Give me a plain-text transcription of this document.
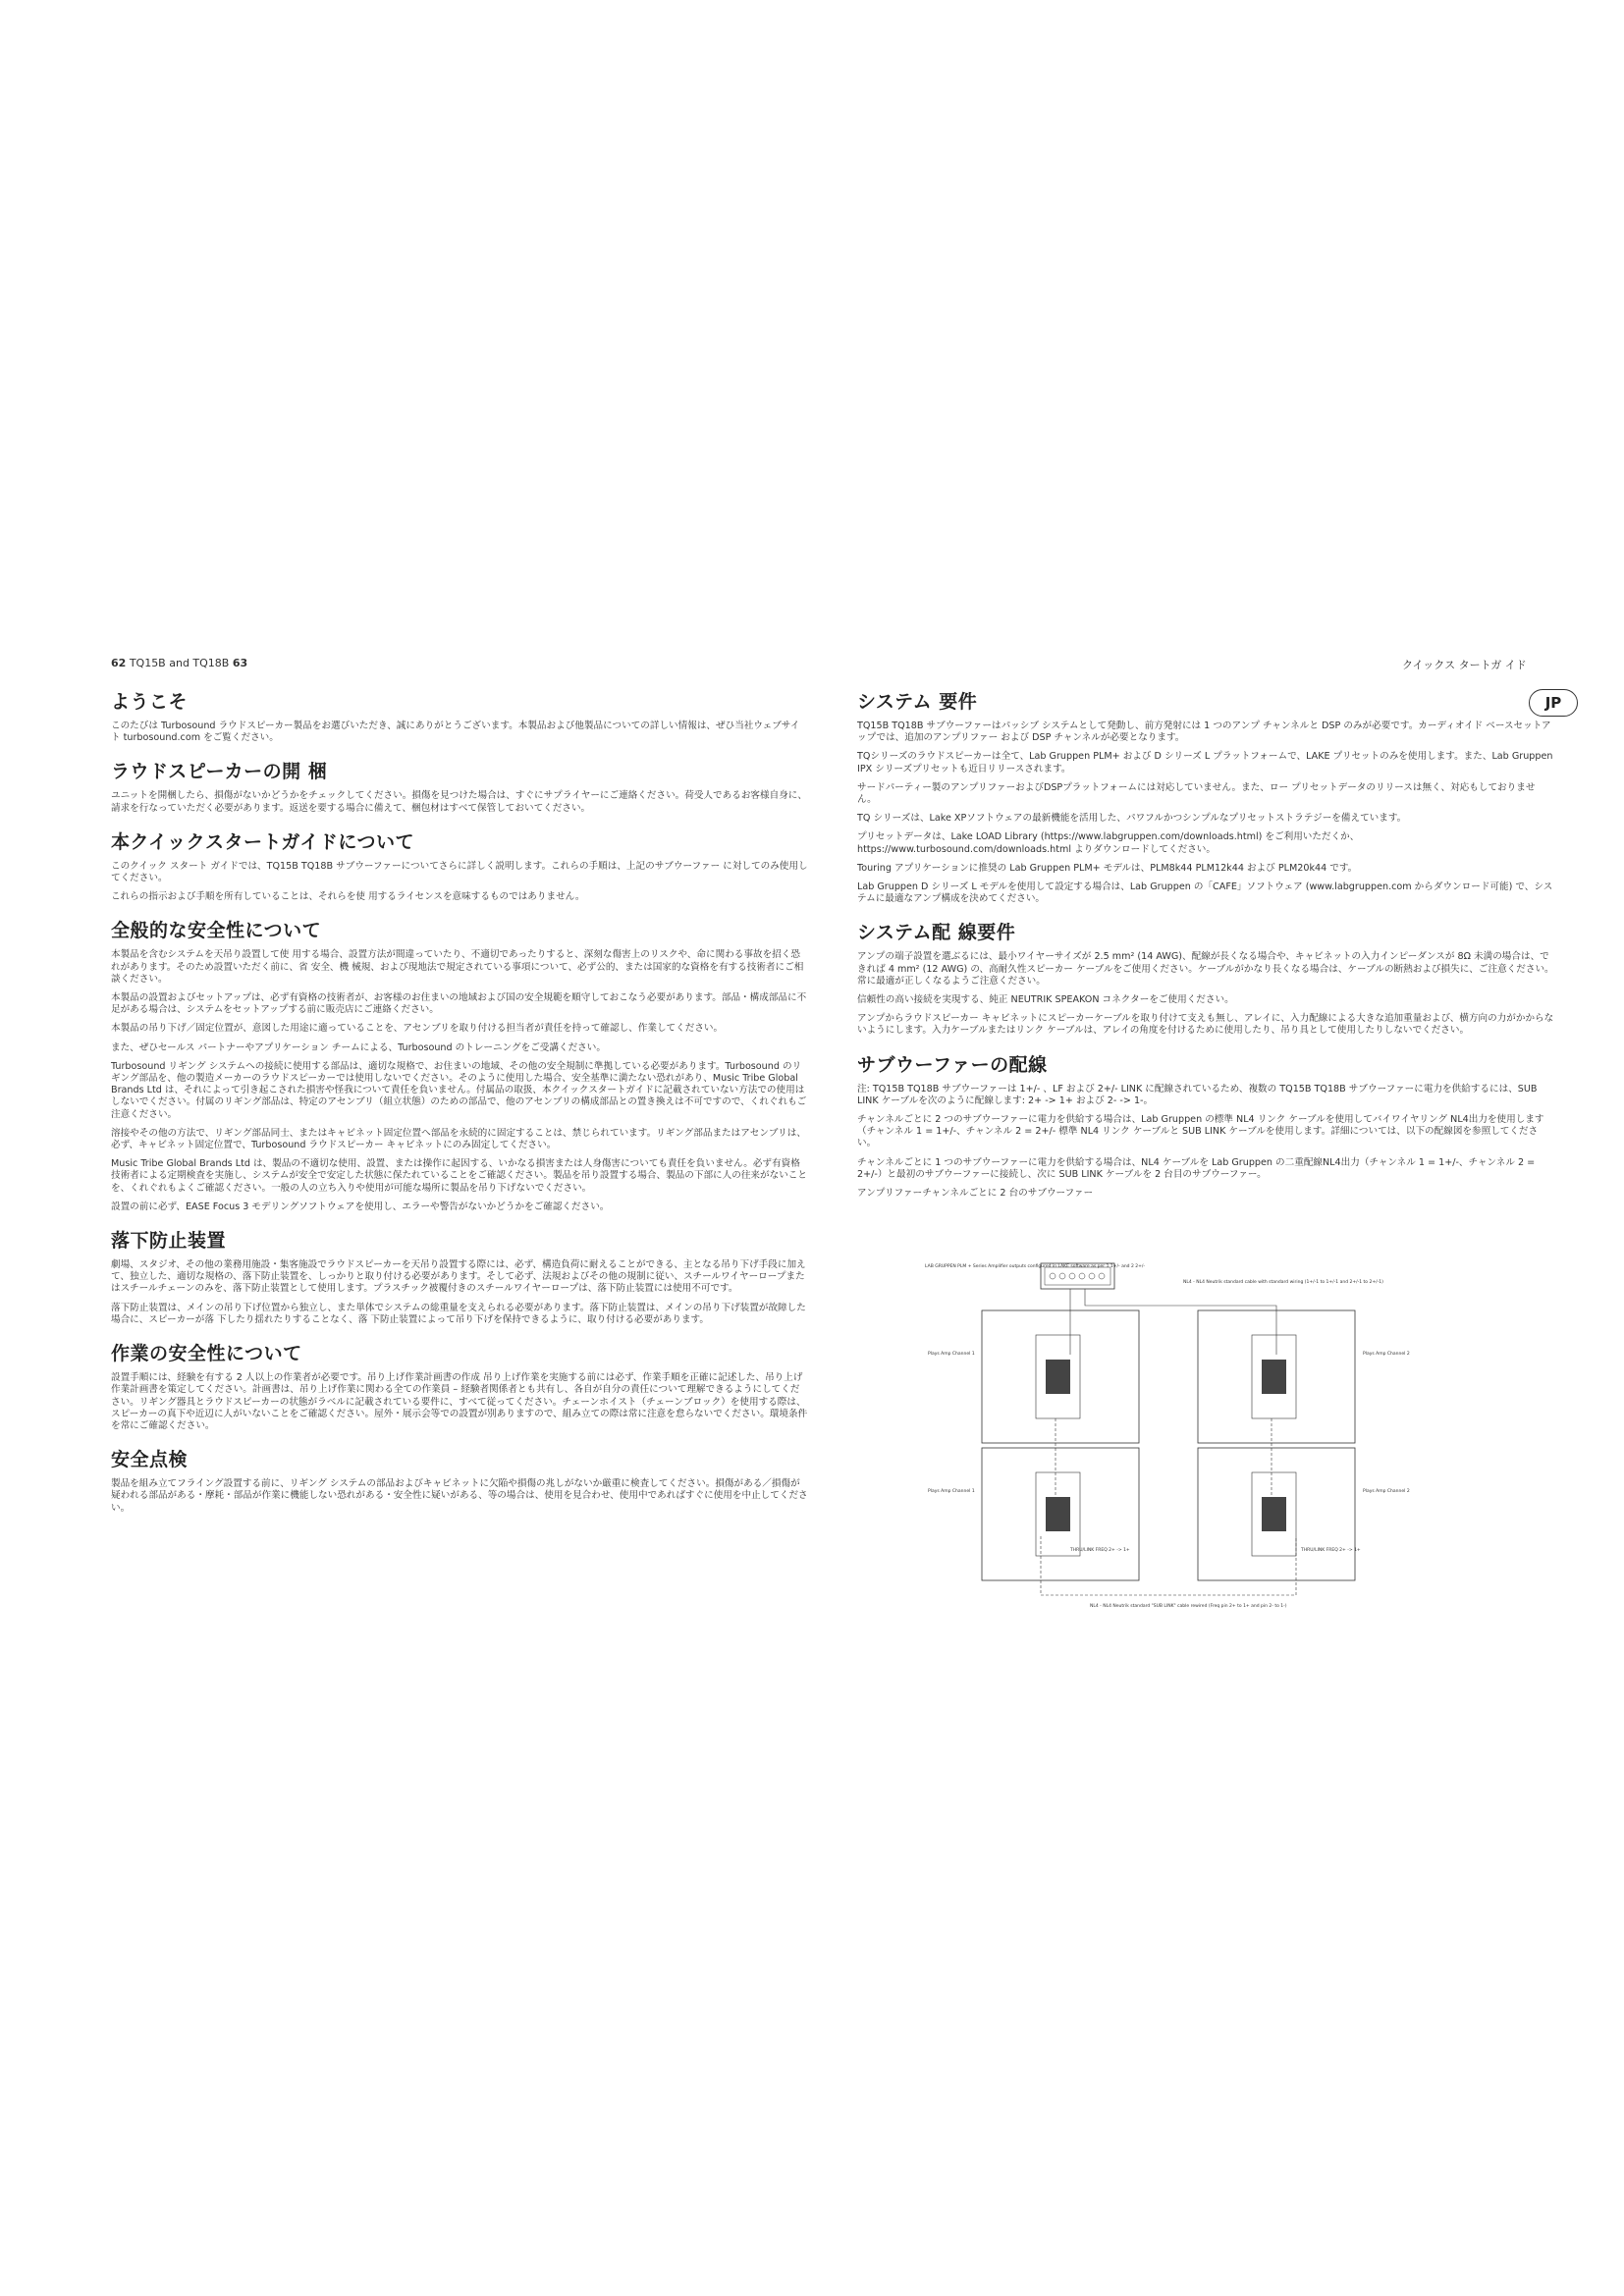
62 TQ15B and TQ18B 63	クイックス タートガ イド
JP
ようこそ

このたびは Turbosound ラウドスピーカー製品をお選びいただき、誠にありがとうございます。本製品および他製品についての詳しい情報は、ぜひ当社ウェブサイト turbosound.com をご覧ください。

ラウドスピーカーの開 梱

ユニットを開梱したら、損傷がないかどうかをチェックしてください。損傷を見つけた場合は、すぐにサプライヤーにご連絡ください。荷受人であるお客様自身に、請求を行なっていただく必要があります。返送を要する場合に備えて、梱包材はすべて保管しておいてください。

本クイックスタートガイドについて

このクイック スタート ガイドでは、TQ15B TQ18B サブウーファーについてさらに詳しく説明します。これらの手順は、上記のサブウーファー に対してのみ使用してください。

これらの指示および手順を所有していることは、それらを使 用するライセンスを意味するものではありません。

全般的な安全性について

本製品を含むシステムを天吊り設置して使 用する場合、設置方法が間違っていたり、不適切であったりすると、深刻な傷害上のリスクや、命に関わる事故を招く恐れがあります。そのため設置いただく前に、省 安全、機 械規、および現地法で規定されている事項について、必ず公的、または国家的な資格を有する技術者にご相談ください。

本製品の設置およびセットアップは、必ず有資格の技術者が、お客様のお住まいの地域および国の安全規範を順守しておこなう必要があります。部品・構成部品に不足がある場合は、システムをセットアップする前に販売店にご連絡ください。

本製品の吊り下げ／固定位置が、意図した用途に適っていることを、アセンブリを取り付ける担当者が責任を持って確認し、作業してください。

また、ぜひセールス パートナーやアプリケーション チームによる、Turbosound のトレーニングをご受講ください。

Turbosound リギング システムへの接続に使用する部品は、適切な規格で、お住まいの地域、その他の安全規制に準拠している必要があります。Turbosound のリギング部品を、他の製造メーカーのラウドスピーカーでは使用しないでください。そのように使用した場合、安全基準に満たない恐れがあり、Music Tribe Global Brands Ltd は、それによって引き起こされた損害や怪我について責任を負いません。付属品の取扱、本クイックスタートガイドに記載されていない方法での使用はしないでください。付属のリギング部品は、特定のアセンブリ（組立状態）のための部品で、他のアセンブリの構成部品との置き換えは不可ですので、くれぐれもご注意ください。

溶接やその他の方法で、リギング部品同士、またはキャビネット固定位置へ部品を永続的に固定することは、禁じられています。リギング部品またはアセンブリは、必ず、キャビネット固定位置で、Turbosound ラウドスピーカー キャビネットにのみ固定してください。

Music Tribe Global Brands Ltd は、製品の不適切な使用、設置、または操作に起因する、いかなる損害または人身傷害についても責任を負いません。必ず有資格技術者による定期検査を実施し、システムが安全で安定した状態に保たれていることをご確認ください。製品を吊り設置する場合、製品の下部に人の往来がないことを、くれぐれもよくご確認ください。一般の人の立ち入りや使用が可能な場所に製品を吊り下げないでください。

設置の前に必ず、EASE Focus 3 モデリングソフトウェアを使用し、エラーや警告がないかどうかをご確認ください。

落下防止装置

劇場、スタジオ、その他の業務用施設・集客施設でラウドスピーカーを天吊り設置する際には、必ず、構造負荷に耐えることができる、主となる吊り下げ手段に加えて、独立した、適切な規格の、落下防止装置を、しっかりと取り付ける必要があります。そして必ず、法規およびその他の規制に従い、スチールワイヤーロープまたはスチールチェーンのみを、落下防止装置として使用します。プラスチック被覆付きのスチールワイヤーロープは、落下防止装置には使用不可です。

落下防止装置は、メインの吊り下げ位置から独立し、また単体でシステムの総重量を支えられる必要があります。落下防止装置は、メインの吊り下げ装置が故障した場合に、スピーカーが落 下したり揺れたりすることなく、落 下防止装置によって吊り下げを保持できるように、取り付ける必要があります。

作業の安全性について

設置手順には、経験を有する 2 人以上の作業者が必要です。吊り上げ作業計画書の作成 吊り上げ作業を実施する前には必ず、作業手順を正確に記述した、吊り上げ作業計画書を策定してください。計画書は、吊り上げ作業に関わる全ての作業員 – 経験者関係者とも共有し、各自が自分の責任について理解できるようにしてください。リギング器具とラウドスピーカーの状態がラベルに記載されている要件に、すべて従ってください。チェーンホイスト（チェーンブロック）を使用する際は、スピーカーの真下や近辺に人がいないことをご確認ください。屋外・展示会等での設置が別ありますので、組み立ての際は常に注意を怠らないでください。環境条件を常にご確認ください。

安全点検

製品を組み立てフライング設置する前に、リギング システムの部品およびキャビネットに欠陥や損傷の兆しがないか厳重に検査してください。損傷がある／損傷が疑われる部品がある・摩耗・部品が作業に機能しない恐れがある・安全性に疑いがある、等の場合は、使用を見合わせ、使用中であればすぐに使用を中止してください。

システム 要件

TQ15B TQ18B サブウーファーはパッシブ システムとして発動し、前方発射には 1 つのアンプ チャンネルと DSP のみが必要です。カーディオイド ベースセットアップでは、追加のアンプリファー および DSP チャンネルが必要となります。

TQシリーズのラウドスピーカーは全て、Lab Gruppen PLM+ および D シリーズ L プラットフォームで、LAKE プリセットのみを使用します。また、Lab Gruppen IPX シリーズプリセットも近日リリースされます。

サードパーティー製のアンプリファーおよびDSPプラットフォームには対応していません。また、ロー プリセットデータのリリースは無く、対応もしておりません。

TQ シリーズは、Lake XPソフトウェアの最新機能を活用した、パワフルかつシンプルなプリセットストラテジーを備えています。

プリセットデータは、Lake LOAD Library (https://www.labgruppen.com/downloads.html) をご利用いただくか、https://www.turbosound.com/downloads.html よりダウンロードしてください。

Touring アプリケーションに推奨の Lab Gruppen PLM+ モデルは、PLM8k44 PLM12k44 および PLM20k44 です。

Lab Gruppen D シリーズ L モデルを使用して設定する場合は、Lab Gruppen の「CAFE」ソフトウェア (www.labgruppen.com からダウンロード可能) で、システムに最適なアンプ構成を決めてください。

システム配 線要件

アンプの端子設置を選ぶるには、最小ワイヤーサイズが 2.5 mm² (14 AWG)、配線が長くなる場合や、キャビネットの入力インピーダンスが 8Ω 未満の場合は、できれば 4 mm² (12 AWG) の、高耐久性スピーカー ケーブルをご使用ください。ケーブルがかなり長くなる場合は、ケーブルの断熱および損失に、ご注意ください。常に最適が正しくなるようご注意ください。

信頼性の高い接続を実現する、純正 NEUTRIK SPEAKON コネクターをご使用ください。

アンプからラウドスピーカー キャビネットにスピーカーケーブルを取り付けて支えも無し、アレイに、入力配線による大きな追加重量および、横方向の力がかからないようにします。入力ケーブルまたはリンク ケーブルは、アレイの角度を付けるために使用したり、吊り具として使用したりしないでください。

サブウーファーの配線

注: TQ15B TQ18B サブウーファーは 1+/- 、LF および 2+/- LINK に配線されているため、複数の TQ15B TQ18B サブウーファーに電力を供給するには、SUB LINK ケーブルを次のように配線します: 2+ -> 1+ および 2- -> 1-。

チャンネルごとに 2 つのサブウーファーに電力を供給する場合は、Lab Gruppen の標準 NL4 リンク ケーブルを使用してバイワイヤリング NL4出力を使用します（チャンネル 1 = 1+/-、チャンネル 2 = 2+/- 標準 NL4 リンク ケーブルと SUB LINK ケーブルを使用します。詳細については、以下の配線図を参照してください。

チャンネルごとに 1 つのサブウーファーに電力を供給する場合は、NL4 ケーブルを Lab Gruppen の二重配線NL4出力（チャンネル 1 = 1+/-、チャンネル 2 = 2+/-）と最初のサブウーファーに接続し、次に SUB LINK ケーブルを 2 台目のサブウーファー。

アンプリファーチャンネルごとに 2 台のサブウーファー

LAB GRUPPEN PLM + Series Amplifier outputs configured in LAKE software as per 1 1+/- and 2 2+/-
NL4 - NL4 Neutrik standard cable with standard wiring (1+/-1 to 1+/-1 and 2+/-1 to 2+/-1)
Plays Amp Channel 1	Plays Amp Channel 2
Plays Amp Channel 1	Plays Amp Channel 2
THRU/LINK FREQ 2+ -> 1+	THRU/LINK FREQ 2+ -> 1+
NL4 - NL4 Neutrik standard "SUB LINK" cable rewired (Freq pin 2+ to 1+ and pin 2- to 1-)
